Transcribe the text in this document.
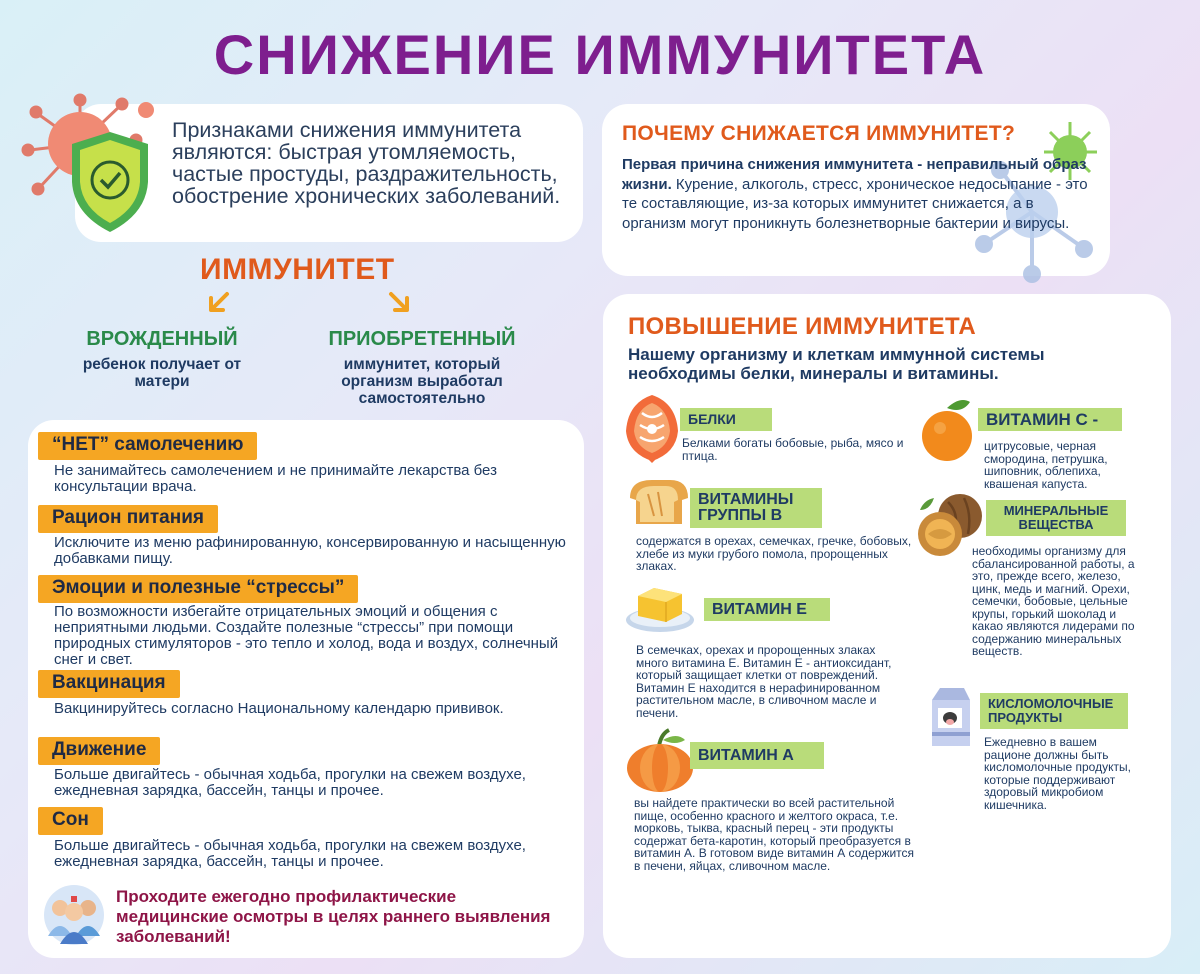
СНИЖЕНИЕ ИММУНИТЕТА
Признаками снижения иммунитета являются: быстрая утомляемость, частые простуды, раздражительность, обострение хронических заболеваний.
ПОЧЕМУ СНИЖАЕТСЯ ИММУНИТЕТ?
Первая причина снижения иммунитета - неправильный образ жизни. Курение, алкоголь, стресс, хроническое недосыпание - это те составляющие, из-за которых иммунитет снижается, а в организм могут проникнуть болезнетворные бактерии и вирусы.
ИММУНИТЕТ
ВРОЖДЕННЫЙ
ребенок получает от матери
ПРИОБРЕТЕННЫЙ
иммунитет, который организм выработал самостоятельно
“НЕТ” самолечению
Не занимайтесь самолечением и не принимайте лекарства без консультации врача.
Рацион питания
Исключите из меню рафинированную, консервированную и насыщенную добавками пищу.
Эмоции и полезные “стрессы”
По возможности избегайте отрицательных эмоций и общения с неприятными людьми. Создайте полезные “стрессы” при помощи природных стимуляторов - это тепло и холод, вода и воздух, солнечный снег и свет.
Вакцинация
Вакцинируйтесь согласно Национальному календарю прививок.
Движение
Больше двигайтесь - обычная ходьба, прогулки на свежем воздухе, ежедневная зарядка, бассейн, танцы и прочее.
Сон
Больше двигайтесь - обычная ходьба, прогулки на свежем воздухе, ежедневная зарядка, бассейн, танцы и прочее.
Проходите ежегодно профилактические медицинские осмотры в целях раннего выявления заболеваний!
ПОВЫШЕНИЕ ИММУНИТЕТА
Нашему организму и клеткам иммунной системы необходимы белки, минералы и витамины.
БЕЛКИ
Белками богаты бобовые, рыба, мясо и птица.
ВИТАМИНЫ ГРУППЫ B
содержатся в орехах, семечках, гречке, бобовых, хлебе из муки грубого помола, пророщенных злаках.
ВИТАМИН Е
В семечках, орехах и пророщенных злаках много витамина Е. Витамин Е - антиоксидант, который защищает клетки от повреждений. Витамин Е находится в нерафинированном растительном масле, в сливочном масле и печени.
ВИТАМИН А
вы найдете практически во всей растительной пище, особенно красного и желтого окраса, т.е. морковь, тыква, красный перец - эти продукты содержат бета-каротин, который преобразуется в витамин А. В готовом виде витамин А содержится в печени, яйцах, сливочном масле.
ВИТАМИН С -
цитрусовые, черная смородина, петрушка, шиповник, облепиха, квашеная капуста.
МИНЕРАЛЬНЫЕ ВЕЩЕСТВА
необходимы организму для сбалансированной работы, а это, прежде всего, железо, цинк, медь и магний. Орехи, семечки, бобовые, цельные крупы, горький шоколад и какао являются лидерами по содержанию минеральных веществ.
КИСЛОМОЛОЧНЫЕ ПРОДУКТЫ
Ежедневно в вашем рационе должны быть кисломолочные продукты, которые поддерживают здоровый микробиом кишечника.
